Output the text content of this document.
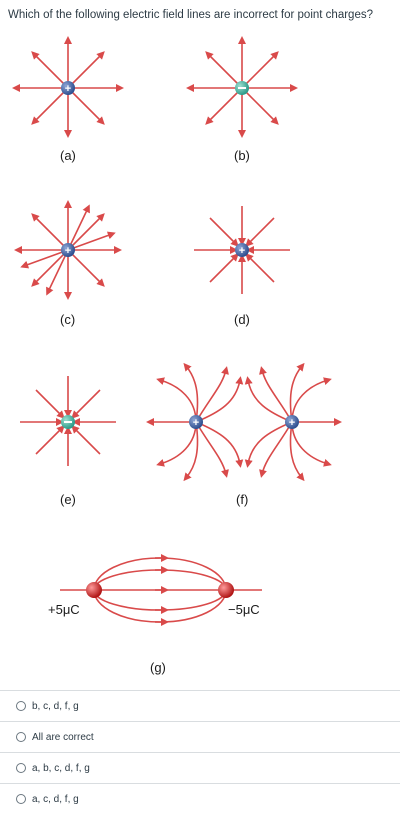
Which of the following electric field lines are incorrect for point charges?

+
(a)	(b)
+
(c)
+
(d)
(e)
+	+
(f)
+5μC	−5μC
(g)
b, c, d, f, g
All are correct
a, b, c, d, f, g
a, c, d, f, g
